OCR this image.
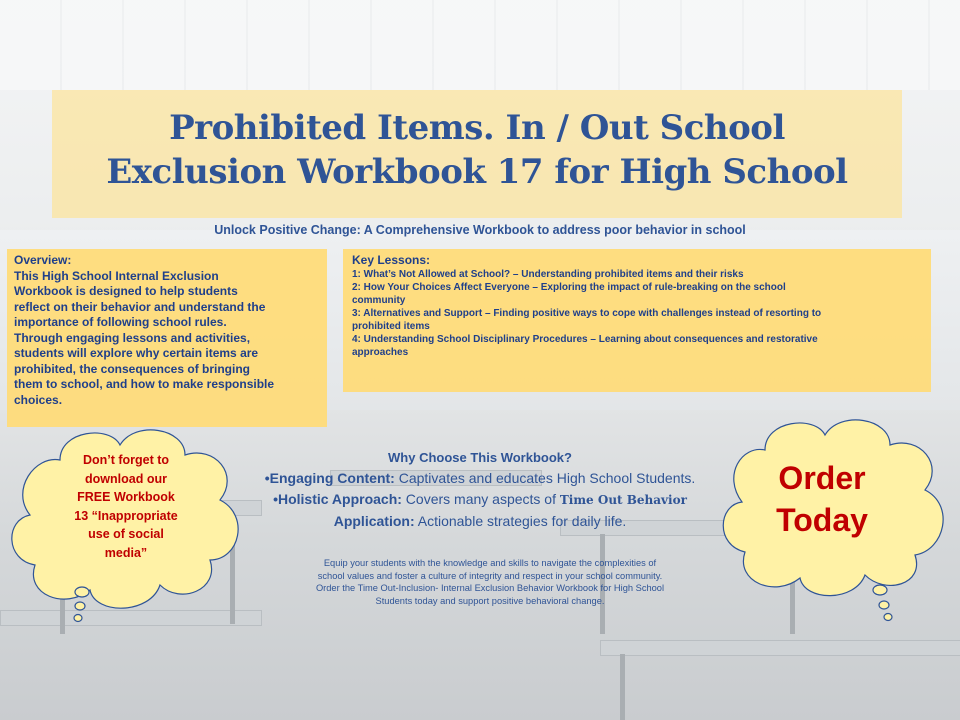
Prohibited Items. In / Out School
Exclusion Workbook 17 for High School
Unlock Positive Change: A Comprehensive Workbook to address poor behavior in school
Overview:
This High School Internal Exclusion
Workbook is designed to help students
reflect on their behavior and understand the
importance of following school rules.
Through engaging lessons and activities,
students will explore why certain items are
prohibited, the consequences of bringing
them to school, and how to make responsible
choices.
Key Lessons:
1: What’s Not Allowed at School? – Understanding prohibited items and their risks
2: How Your Choices Affect Everyone – Exploring the impact of rule-breaking on the school
community
3: Alternatives and Support – Finding positive ways to cope with challenges instead of resorting to
prohibited items
4: Understanding School Disciplinary Procedures – Learning about consequences and restorative
approaches
Why Choose This Workbook?
•Engaging Content: Captivates and educates High School Students.
•Holistic Approach: Covers many aspects of Time Out Behavior
Application: Actionable strategies for daily life.
Equip your students with the knowledge and skills to navigate the complexities of
school values and foster a culture of integrity and respect in your school community.
Order the Time Out-Inclusion- Internal Exclusion Behavior Workbook for High School
Students today and support positive behavioral change.
Don’t forget to
download our
FREE Workbook
13 “Inappropriate
use of social
media”
Order
Today
